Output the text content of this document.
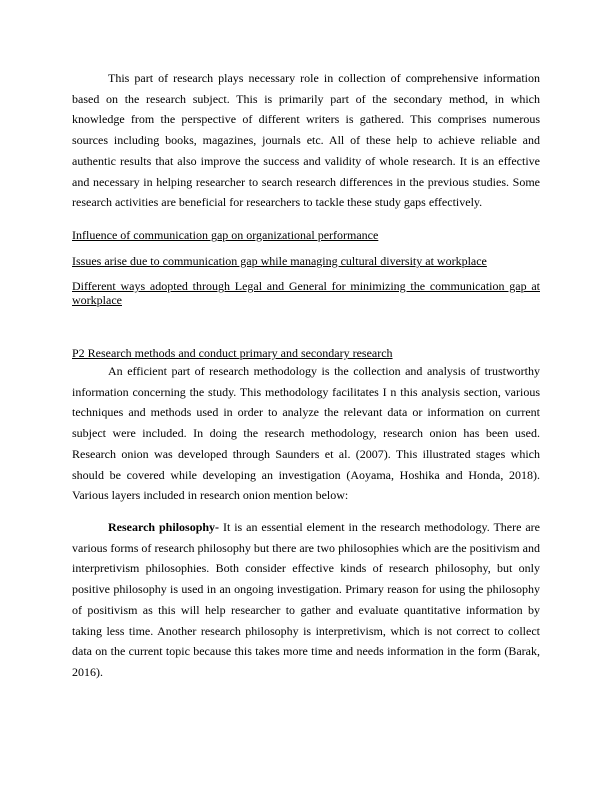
This part of research plays necessary role in collection of comprehensive information based on the research subject. This is primarily part of the secondary method, in which knowledge from the perspective of different writers is gathered. This comprises numerous sources including books, magazines, journals etc. All of these help to achieve reliable and authentic results that also improve the success and validity of whole research. It is an effective and necessary in helping researcher to search research differences in the previous studies. Some research activities are beneficial for researchers to tackle these study gaps effectively.

Influence of communication gap on organizational performance

Issues arise due to communication gap while managing cultural diversity at workplace

Different ways adopted through Legal and General for minimizing the communication gap at workplace

P2 Research methods and conduct primary and secondary research

An efficient part of research methodology is the collection and analysis of trustworthy information concerning the study. This methodology facilitates I n this analysis section, various techniques and methods used in order to analyze the relevant data or information on current subject were included. In doing the research methodology, research onion has been used. Research onion was developed through Saunders et al. (2007). This illustrated stages which should be covered while developing an investigation (Aoyama, Hoshika and Honda, 2018). Various layers included in research onion mention below:

Research philosophy- It is an essential element in the research methodology. There are various forms of research philosophy but there are two philosophies which are the positivism and interpretivism philosophies. Both consider effective kinds of research philosophy, but only positive philosophy is used in an ongoing investigation. Primary reason for using the philosophy of positivism as this will help researcher to gather and evaluate quantitative information by taking less time. Another research philosophy is interpretivism, which is not correct to collect data on the current topic because this takes more time and needs information in the form (Barak, 2016).
